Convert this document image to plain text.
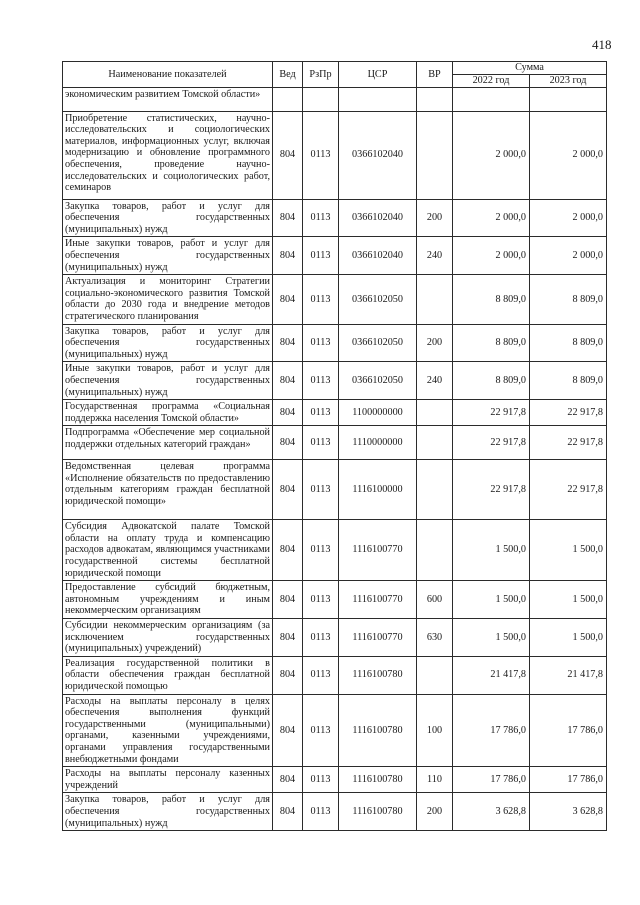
418
Наименование показателей	Вед	РзПр	ЦСР	ВР	Сумма	
					2022 год	2023 год
экономическим развитием Томской области»						
Приобретение статистических, научно-исследовательских и социологических материалов, информационных услуг, включая модернизацию и обновление программного обеспечения, проведение научно-исследовательских и социологических работ, семинаров	804	0113	0366102040		2 000,0	2 000,0
Закупка товаров, работ и услуг для обеспечения государственных (муниципальных) нужд	804	0113	0366102040	200	2 000,0	2 000,0
Иные закупки товаров, работ и услуг для обеспечения государственных (муниципальных) нужд	804	0113	0366102040	240	2 000,0	2 000,0
Актуализация и мониторинг Стратегии социально-экономического развития Томской области до 2030 года и внедрение методов стратегического планирования	804	0113	0366102050		8 809,0	8 809,0
Закупка товаров, работ и услуг для обеспечения государственных (муниципальных) нужд	804	0113	0366102050	200	8 809,0	8 809,0
Иные закупки товаров, работ и услуг для обеспечения государственных (муниципальных) нужд	804	0113	0366102050	240	8 809,0	8 809,0
Государственная программа «Социальная поддержка населения Томской области»	804	0113	1100000000		22 917,8	22 917,8
Подпрограмма «Обеспечение мер социальной поддержки отдельных категорий граждан»	804	0113	1110000000		22 917,8	22 917,8
Ведомственная целевая программа «Исполнение обязательств по предоставлению отдельным категориям граждан бесплатной юридической помощи»	804	0113	1116100000		22 917,8	22 917,8
Субсидия Адвокатской палате Томской области на оплату труда и компенсацию расходов адвокатам, являющимся участниками государственной системы бесплатной юридической помощи	804	0113	1116100770		1 500,0	1 500,0
Предоставление субсидий бюджетным, автономным учреждениям и иным некоммерческим организациям	804	0113	1116100770	600	1 500,0	1 500,0
Субсидии некоммерческим организациям (за исключением государственных (муниципальных) учреждений)	804	0113	1116100770	630	1 500,0	1 500,0
Реализация государственной политики в области обеспечения граждан бесплатной юридической помощью	804	0113	1116100780		21 417,8	21 417,8
Расходы на выплаты персоналу в целях обеспечения выполнения функций государственными (муниципальными) органами, казенными учреждениями, органами управления государственными внебюджетными фондами	804	0113	1116100780	100	17 786,0	17 786,0
Расходы на выплаты персоналу казенных учреждений	804	0113	1116100780	110	17 786,0	17 786,0
Закупка товаров, работ и услуг для обеспечения государственных (муниципальных) нужд	804	0113	1116100780	200	3 628,8	3 628,8
